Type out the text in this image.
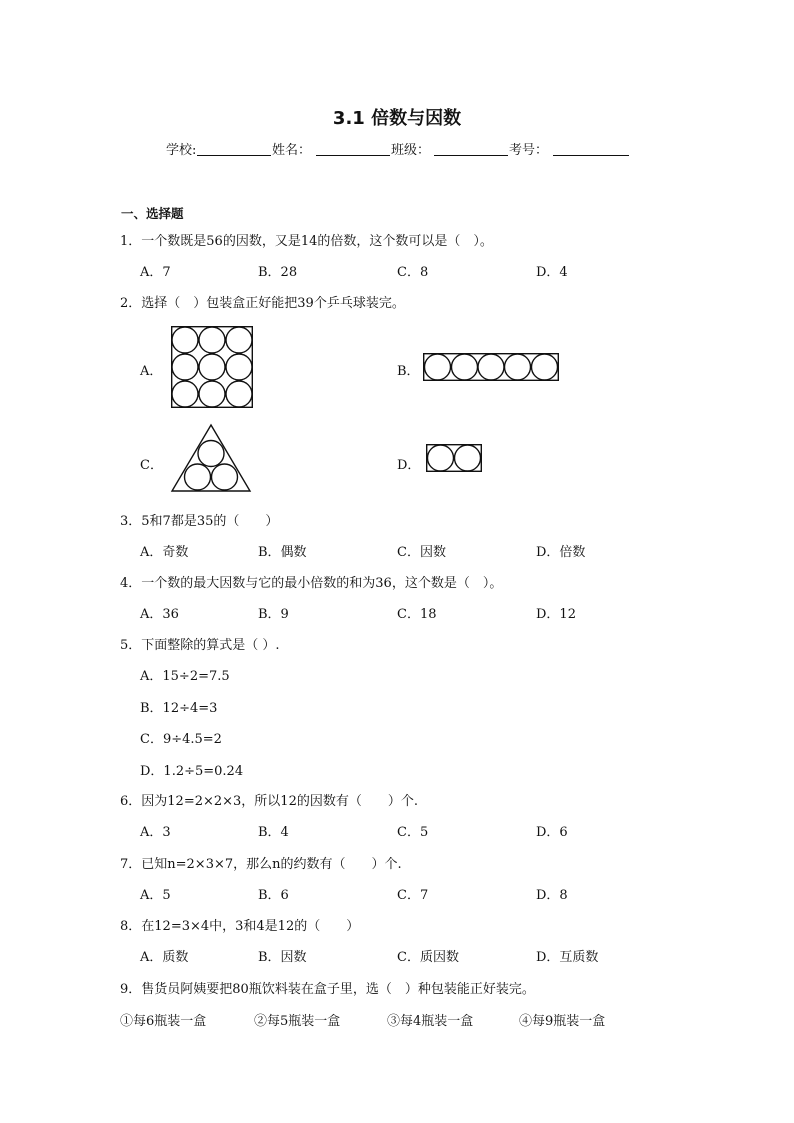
3.1 倍数与因数
学校:	姓名：	班级：	考号：
一、选择题
1．一个数既是56的因数，又是14的倍数，这个数可以是（　）。
A．7	B．28	C．8	D．4
2．选择（　）包装盒正好能把39个乒乓球装完。
A．	B．
C．	D．
3．5和7都是35的（　　）
A．奇数	B．偶数	C．因数	D．倍数
4．一个数的最大因数与它的最小倍数的和为36，这个数是（　）。
A．36	B．9	C．18	D．12
5．下面整除的算式是（ ）.
A．15÷2=7.5
B．12÷4=3
C．9÷4.5=2
D．1.2÷5=0.24
6．因为12=2×2×3，所以12的因数有（　　）个.
A．3	B．4	C．5	D．6
7．已知n=2×3×7，那么n的约数有（　　）个.
A．5	B．6	C．7	D．8
8．在12=3×4中，3和4是12的（　　）
A．质数	B．因数	C．质因数	D．互质数
9．售货员阿姨要把80瓶饮料装在盒子里，选（　）种包装能正好装完。
①每6瓶装一盒	②每5瓶装一盒	③每4瓶装一盒	④每9瓶装一盒
